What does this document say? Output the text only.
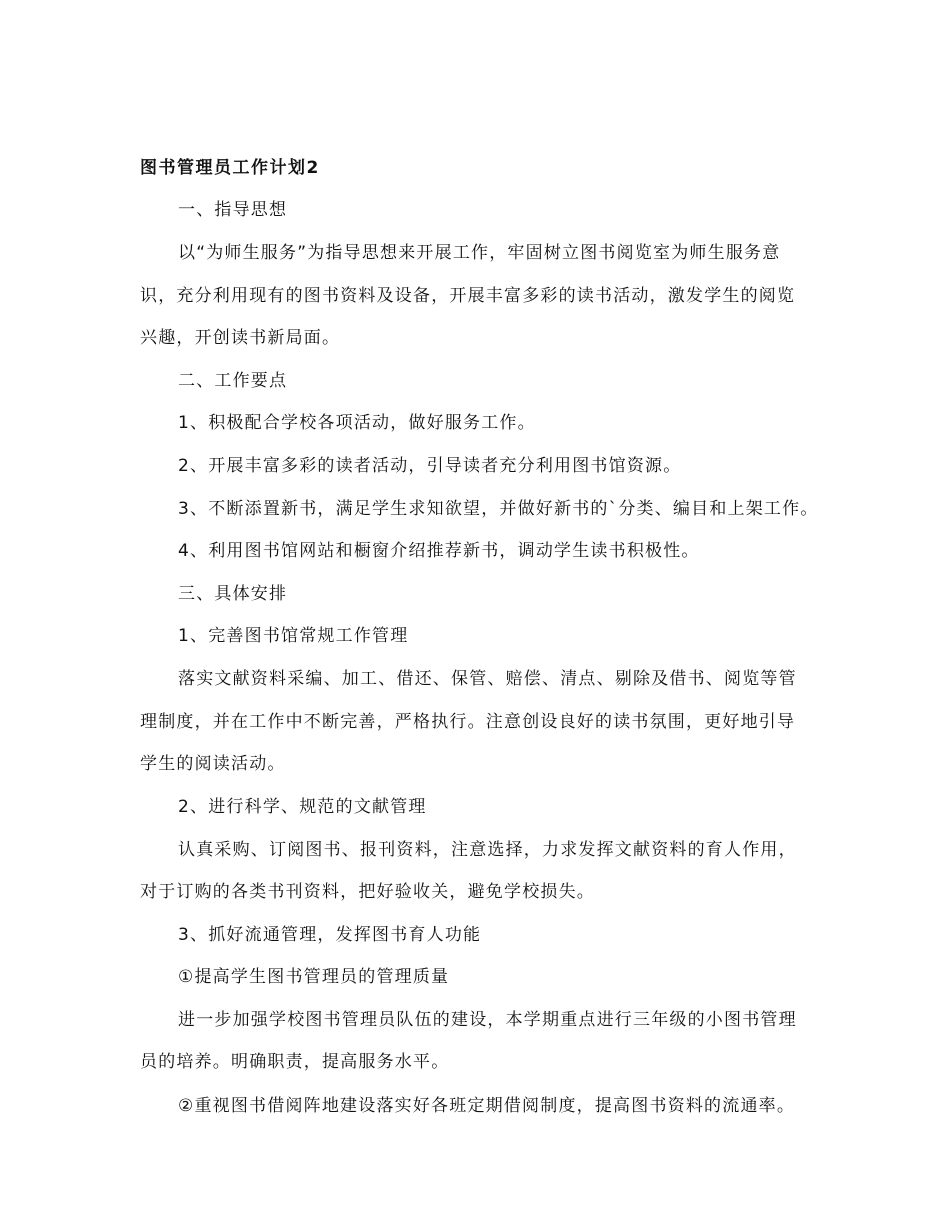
图书管理员工作计划2
一、指导思想
以“为师生服务”为指导思想来开展工作，牢固树立图书阅览室为师生服务意
识，充分利用现有的图书资料及设备，开展丰富多彩的读书活动，激发学生的阅览
兴趣，开创读书新局面。
二、工作要点
1、积极配合学校各项活动，做好服务工作。
2、开展丰富多彩的读者活动，引导读者充分利用图书馆资源。
3、不断添置新书，满足学生求知欲望，并做好新书的`分类、编目和上架工作。
4、利用图书馆网站和橱窗介绍推荐新书，调动学生读书积极性。
三、具体安排
1、完善图书馆常规工作管理
落实文献资料采编、加工、借还、保管、赔偿、清点、剔除及借书、阅览等管
理制度，并在工作中不断完善，严格执行。注意创设良好的读书氛围，更好地引导
学生的阅读活动。
2、进行科学、规范的文献管理
认真采购、订阅图书、报刊资料，注意选择，力求发挥文献资料的育人作用，
对于订购的各类书刊资料，把好验收关，避免学校损失。
3、抓好流通管理，发挥图书育人功能
①提高学生图书管理员的管理质量
进一步加强学校图书管理员队伍的建设，本学期重点进行三年级的小图书管理
员的培养。明确职责，提高服务水平。
②重视图书借阅阵地建设落实好各班定期借阅制度，提高图书资料的流通率。
